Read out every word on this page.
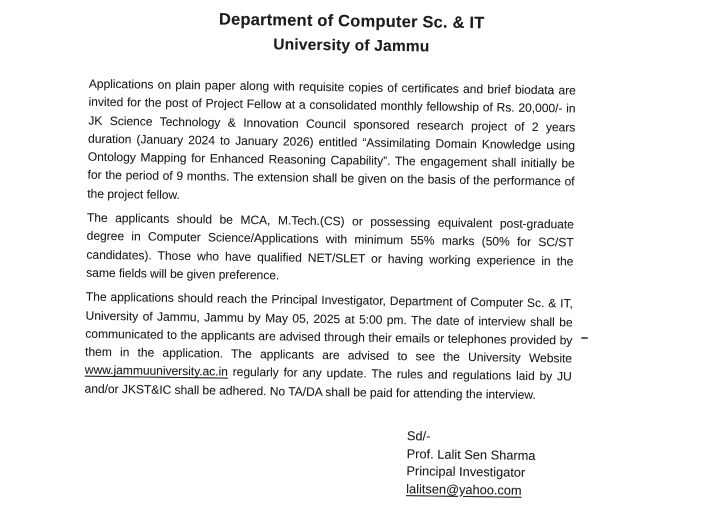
Department of Computer Sc. & IT
University of Jammu

Applications on plain paper along with requisite copies of certificates and brief biodata are invited for the post of Project Fellow at a consolidated monthly fellowship of Rs. 20,000/- in JK Science Technology & Innovation Council sponsored research project of 2 years duration (January 2024 to January 2026) entitled “Assimilating Domain Knowledge using Ontology Mapping for Enhanced Reasoning Capability”. The engagement shall initially be for the period of 9 months. The extension shall be given on the basis of the performance of the project fellow.

The applicants should be MCA, M.Tech.(CS) or possessing equivalent post-graduate degree in Computer Science/Applications with minimum 55% marks (50% for SC/ST candidates). Those who have qualified NET/SLET or having working experience in the same fields will be given preference.

The applications should reach the Principal Investigator, Department of Computer Sc. & IT, University of Jammu, Jammu by May 05, 2025 at 5:00 pm. The date of interview shall be communicated to the applicants are advised through their emails or telephones provided by them in the application. The applicants are advised to see the University Website www.jammuuniversity.ac.in regularly for any update. The rules and regulations laid by JU and/or JKST&IC shall be adhered. No TA/DA shall be paid for attending the interview.

Sd/-
Prof. Lalit Sen Sharma
Principal Investigator
lalitsen@yahoo.com
